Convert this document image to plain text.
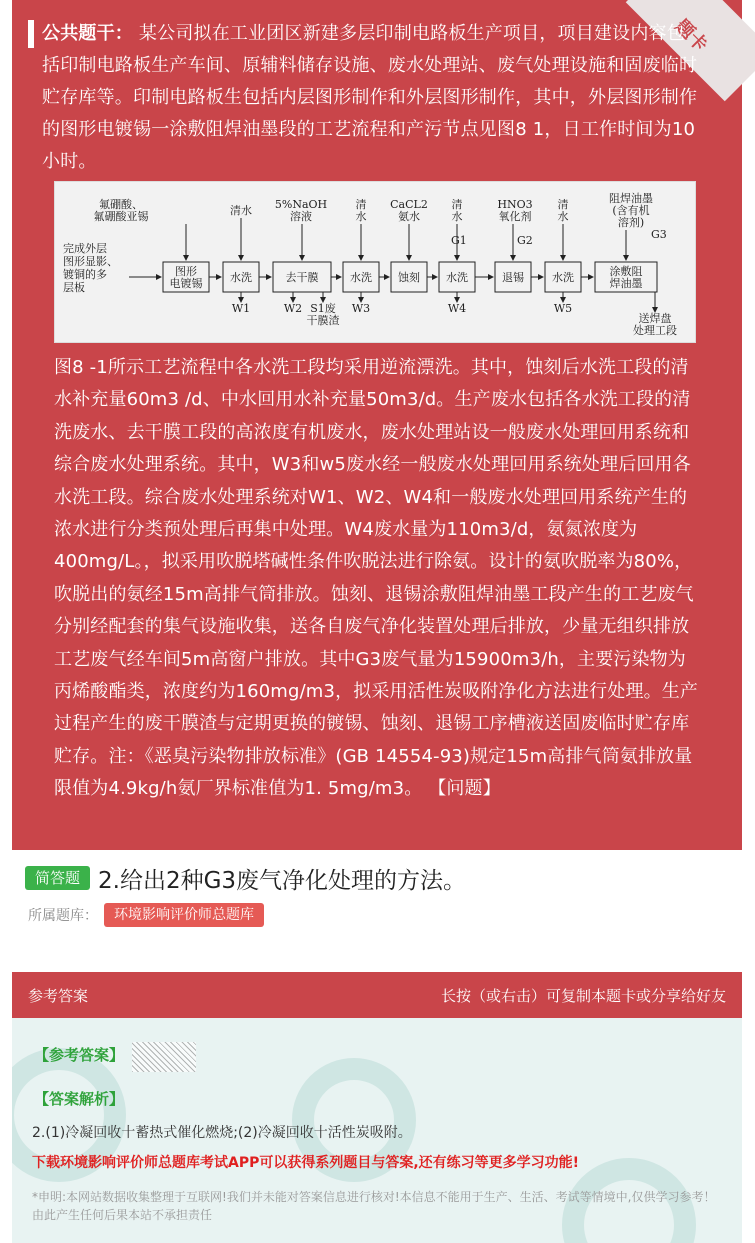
题卡
公共题干： 某公司拟在工业团区新建多层印制电路板生产项目，项目建设内容包括印制电路板生产车间、原辅料储存设施、废水处理站、废气处理设施和固废临时贮存库等。印制电路板生包括内层图形制作和外层图形制作，其中，外层图形制作的图形电镀锡一涂敷阻焊油墨段的工艺流程和产污节点见图8 1，日工作时间为10小时。
完成外层
图形显影、
镀铜的多
层板
图形
电镀锡	水洗	去干膜	水洗 蚀刻 水洗	退锡	水洗	涂敷阻
焊油墨
氟硼酸、
氟硼酸亚锡	清水 5%NaOH
溶液
清
水
CaCL2
氨水
清
水
HNO3
氧化剂
清
水
阻焊油墨
(含有机
溶剂)
G1	G2	G3
W1	W2 S1废
干膜渣
W3	W4	W5
送焊盘
处理工段
图8 -1所示工艺流程中各水洗工段均采用逆流漂洗。其中，蚀刻后水洗工段的清水补充量60m3 /d、中水回用水补充量50m3/d。生产废水包括各水洗工段的清洗废水、去干膜工段的高浓度有机废水，废水处理站设一般废水处理回用系统和综合废水处理系统。其中，W3和w5废水经一般废水处理回用系统处理后回用各水洗工段。综合废水处理系统对W1、W2、W4和一般废水处理回用系统产生的浓水进行分类预处理后再集中处理。W4废水量为110m3/d，氨氮浓度为400mg/L。，拟采用吹脱塔碱性条件吹脱法进行除氨。设计的氨吹脱率为80%，吹脱出的氨经15m高排气筒排放。蚀刻、退锡涂敷阻焊油墨工段产生的工艺废气分别经配套的集气设施收集，送各自废气净化装置处理后排放，少量无组织排放工艺废气经车间5m高窗户排放。其中G3废气量为15900m3/h，主要污染物为丙烯酸酯类，浓度约为160mg/m3，拟采用活性炭吸附净化方法进行处理。生产过程产生的废干膜渣与定期更换的镀锡、蚀刻、退锡工序槽液送固废临时贮存库贮存。注：《恶臭污染物排放标准》(GB 14554-93)规定15m高排气筒氨排放量限值为4.9kg/h氨厂界标准值为1. 5mg/m3。 【问题】
简答题 2.给出2种G3废气净化处理的方法。
所属题库：	环境影响评价师总题库
参考答案	长按（或右击）可复制本题卡或分享给好友
【参考答案】
【答案解析】
2.(1)冷凝回收十蓄热式催化燃烧;(2)冷凝回收十活性炭吸附。
下载环境影响评价师总题库考试APP可以获得系列题目与答案,还有练习等更多学习功能!
*申明:本网站数据收集整理于互联网!我们并未能对答案信息进行核对!本信息不能用于生产、生活、考试等情境中,仅供学习参考！由此产生任何后果本站不承担责任
